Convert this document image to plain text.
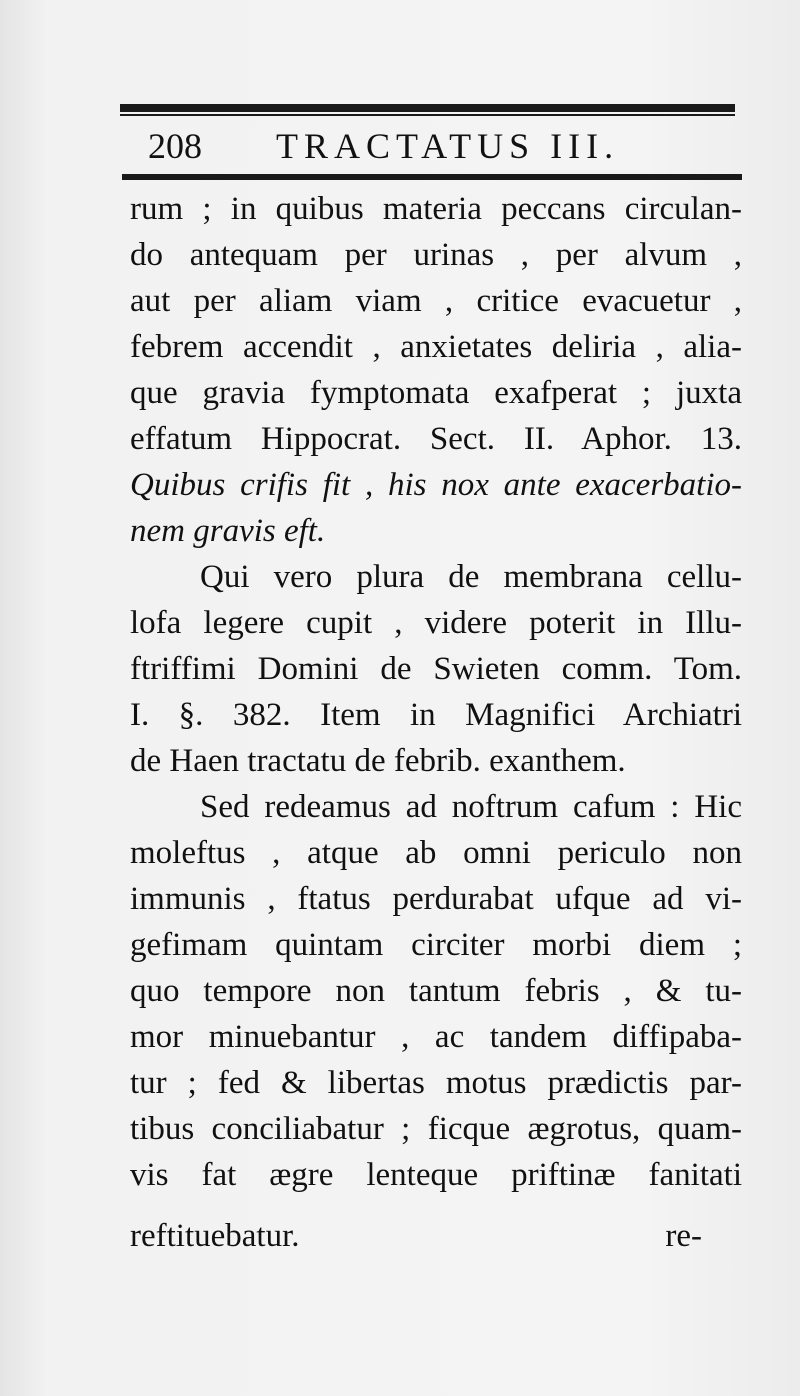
208 TRACTATUS III.
rum ; in quibus materia peccans circulan-
do antequam per urinas , per alvum ,
aut per aliam viam , critice evacuetur ,
febrem accendit , anxietates deliria , alia-
que gravia fymptomata exafperat ; juxta
effatum Hippocrat. Sect. II. Aphor. 13.
Quibus crifis fit , his nox ante exacerbatio-
nem gravis eft.
Qui vero plura de membrana cellu-
lofa legere cupit , videre poterit in Illu-
ftriffimi Domini de Swieten comm. Tom.
I. §. 382. Item in Magnifici Archiatri
de Haen tractatu de febrib. exanthem.
Sed redeamus ad noftrum cafum : Hic
moleftus , atque ab omni periculo non
immunis , ftatus perdurabat ufque ad vi-
gefimam quintam circiter morbi diem ;
quo tempore non tantum febris , & tu-
mor minuebantur , ac tandem diffipaba-
tur ; fed & libertas motus prædictis par-
tibus conciliabatur ; ficque ægrotus, quam-
vis fat ægre lenteque priftinæ fanitati
reftituebatur.	re-
